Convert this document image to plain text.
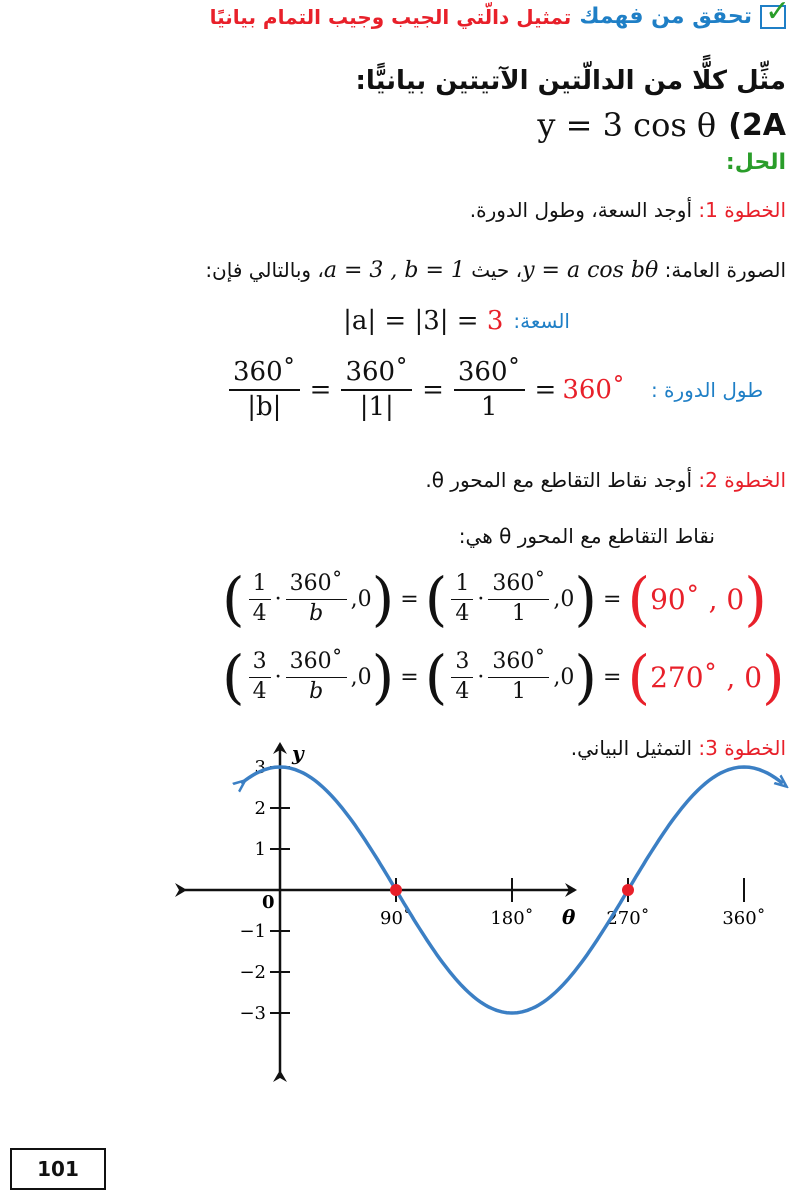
✓
تحقق من فهمك
تمثيل دالّتي الجيب وجيب التمام بيانيًا
مثِّل كلًّا من الدالّتين الآتيتين بيانيًّا:
y = 3 cos θ (2A
الحل:
الخطوة 1: أوجد السعة، وطول الدورة.
الصورة العامة: y = a cos bθ، حيث a = 3 , b = 1، وبالتالي فإن:
السعة:
|a| = |3| = 3
$\frac{360˚}{|b|} = \frac{360˚}{|1|} = \frac{360˚}{1}$ = 360˚ طول الدورة :
الخطوة 2: أوجد نقاط التقاطع مع المحور θ.
نقاط التقاطع مع المحور θ هي:
( $\frac{1}{4} \cdot \frac{360˚}{b} ,0$ ) = ( $\frac{1}{4} \cdot \frac{360˚}{1} ,0$ ) = ( 90˚ , 0 )
( $\frac{3}{4} \cdot \frac{360˚}{b} ,0$ ) = ( $\frac{3}{4} \cdot \frac{360˚}{1} ,0$ ) = ( 270˚ , 0 )
الخطوة 3: التمثيل البياني.
90˚	180˚	270˚	360˚
3
2
1
−1
−2
−3
0
θ
y
101
